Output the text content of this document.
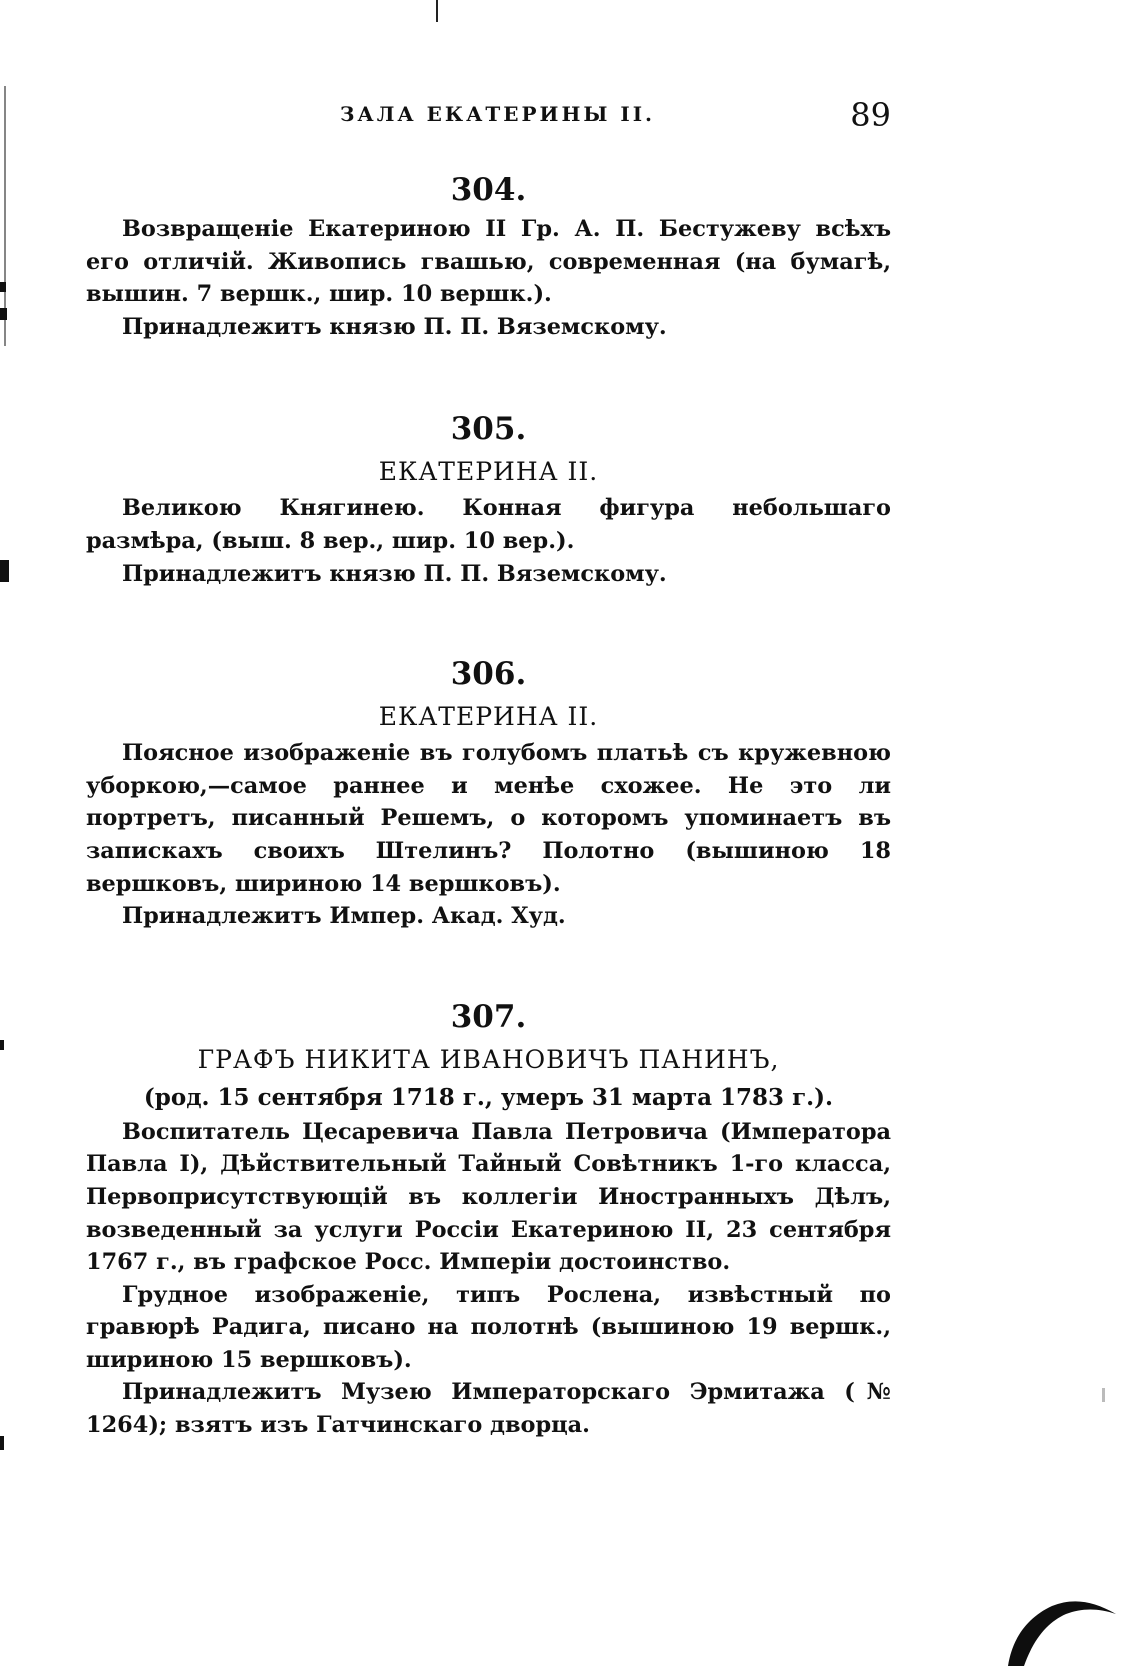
ЗАЛА ЕКАТЕРИНЫ II.	89
304.

Возвращеніе Екатериною II Гр. А. П. Бестужеву всѣхъ его отличій. Живопись гвашью, современная (на бумагѣ, вышин. 7 вершк., шир. 10 вершк.).

Принадлежитъ князю П. П. Вяземскому.

305.
ЕКАТЕРИНА II.

Великою Княгинею. Конная фигура небольшаго размѣра, (выш. 8 вер., шир. 10 вер.).

Принадлежитъ князю П. П. Вяземскому.

306.
ЕКАТЕРИНА II.

Поясное изображеніе въ голубомъ платьѣ съ кружевною уборкою,—самое раннее и менѣе схожее. Не это ли портретъ, писанный Решемъ, о которомъ упоминаетъ въ запискахъ своихъ Штелинъ? Полотно (вышиною 18 вершковъ, шириною 14 вершковъ).

Принадлежитъ Импер. Акад. Худ.

307.
ГРАФЪ НИКИТА ИВАНОВИЧЪ ПАНИНЪ,
(род. 15 сентября 1718 г., умеръ 31 марта 1783 г.).

Воспитатель Цесаревича Павла Петровича (Императора Павла I), Дѣйствительный Тайный Совѣтникъ 1-го класса, Первоприсутствующій въ коллегіи Иностранныхъ Дѣлъ, возведенный за услуги Россіи Екатериною II, 23 сентября 1767 г., въ графское Росс. Имперіи достоинство.

Грудное изображеніе, типъ Рослена, извѣстный по гравюрѣ Радига, писано на полотнѣ (вышиною 19 вершк., шириною 15 вершковъ).

Принадлежитъ Музею Императорскаго Эрмитажа (№ 1264); взятъ изъ Гатчинскаго дворца.
